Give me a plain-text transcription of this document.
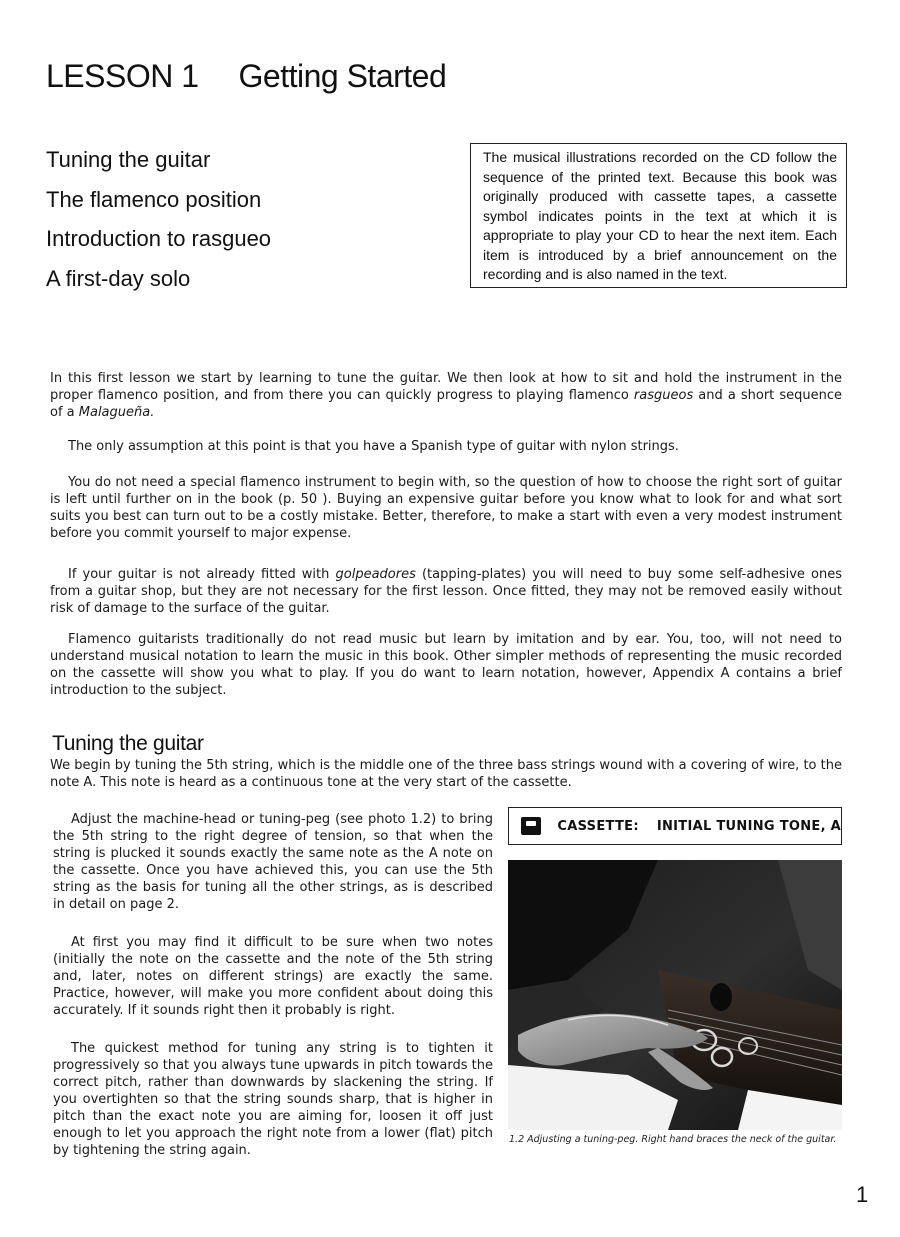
LESSON 1 Getting Started
Tuning the guitar
The flamenco position
Introduction to rasgueo
A first-day solo
The musical illustrations recorded on the CD follow the sequence of the printed text. Because this book was originally produced with cassette tapes, a cassette symbol indicates points in the text at which it is appropriate to play your CD to hear the next item. Each item is introduced by a brief announcement on the recording and is also named in the text.
In this first lesson we start by learning to tune the guitar. We then look at how to sit and hold the instrument in the proper flamenco position, and from there you can quickly progress to playing flamenco rasgueos and a short sequence of a Malagueña.
The only assumption at this point is that you have a Spanish type of guitar with nylon strings.
You do not need a special flamenco instrument to begin with, so the question of how to choose the right sort of guitar is left until further on in the book (p. 50 ). Buying an expensive guitar before you know what to look for and what sort suits you best can turn out to be a costly mistake. Better, therefore, to make a start with even a very modest instrument before you commit yourself to major expense.
If your guitar is not already fitted with golpeadores (tapping-plates) you will need to buy some self-adhesive ones from a guitar shop, but they are not necessary for the first lesson. Once fitted, they may not be removed easily without risk of damage to the surface of the guitar.
Flamenco guitarists traditionally do not read music but learn by imitation and by ear. You, too, will not need to understand musical notation to learn the music in this book. Other simpler methods of representing the music recorded on the cassette will show you what to play. If you do want to learn notation, however, Appendix A contains a brief introduction to the subject.
Tuning the guitar
We begin by tuning the 5th string, which is the middle one of the three bass strings wound with a covering of wire, to the note A. This note is heard as a continuous tone at the very start of the cassette.
Adjust the machine-head or tuning-peg (see photo 1.2) to bring the 5th string to the right degree of tension, so that when the string is plucked it sounds exactly the same note as the A note on the cassette. Once you have achieved this, you can use the 5th string as the basis for tuning all the other strings, as is described in detail on page 2.
At first you may find it difficult to be sure when two notes (initially the note on the cassette and the note of the 5th string and, later, notes on different strings) are exactly the same. Practice, however, will make you more confident about doing this accurately. If it sounds right then it probably is right.
The quickest method for tuning any string is to tighten it progressively so that you always tune upwards in pitch towards the correct pitch, rather than downwards by slackening the string. If you overtighten so that the string sounds sharp, that is higher in pitch than the exact note you are aiming for, loosen it off just enough to let you approach the right note from a lower (flat) pitch by tightening the string again.
CASSETTE: INITIAL TUNING TONE, A
1.2 Adjusting a tuning-peg. Right hand braces the neck of the guitar.
1
